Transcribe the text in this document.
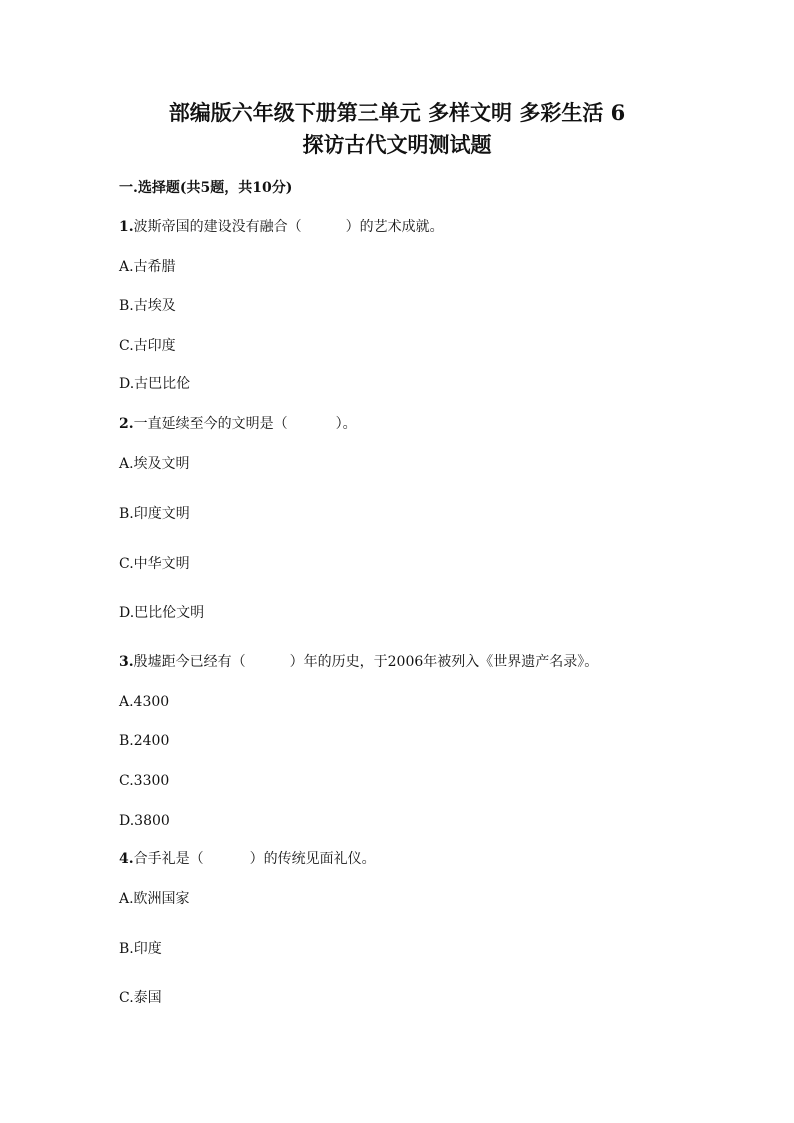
部编版六年级下册第三单元 多样文明 多彩生活 6
探访古代文明测试题
一.选择题(共5题，共10分)
1.波斯帝国的建设没有融合（	）的艺术成就。
A.古希腊
B.古埃及
C.古印度
D.古巴比伦
2.一直延续至今的文明是（	）。
A.埃及文明
B.印度文明
C.中华文明
D.巴比伦文明
3.殷墟距今已经有（	）年的历史，于2006年被列入《世界遗产名录》。
A.4300
B.2400
C.3300
D.3800
4.合手礼是（	）的传统见面礼仪。
A.欧洲国家
B.印度
C.泰国
